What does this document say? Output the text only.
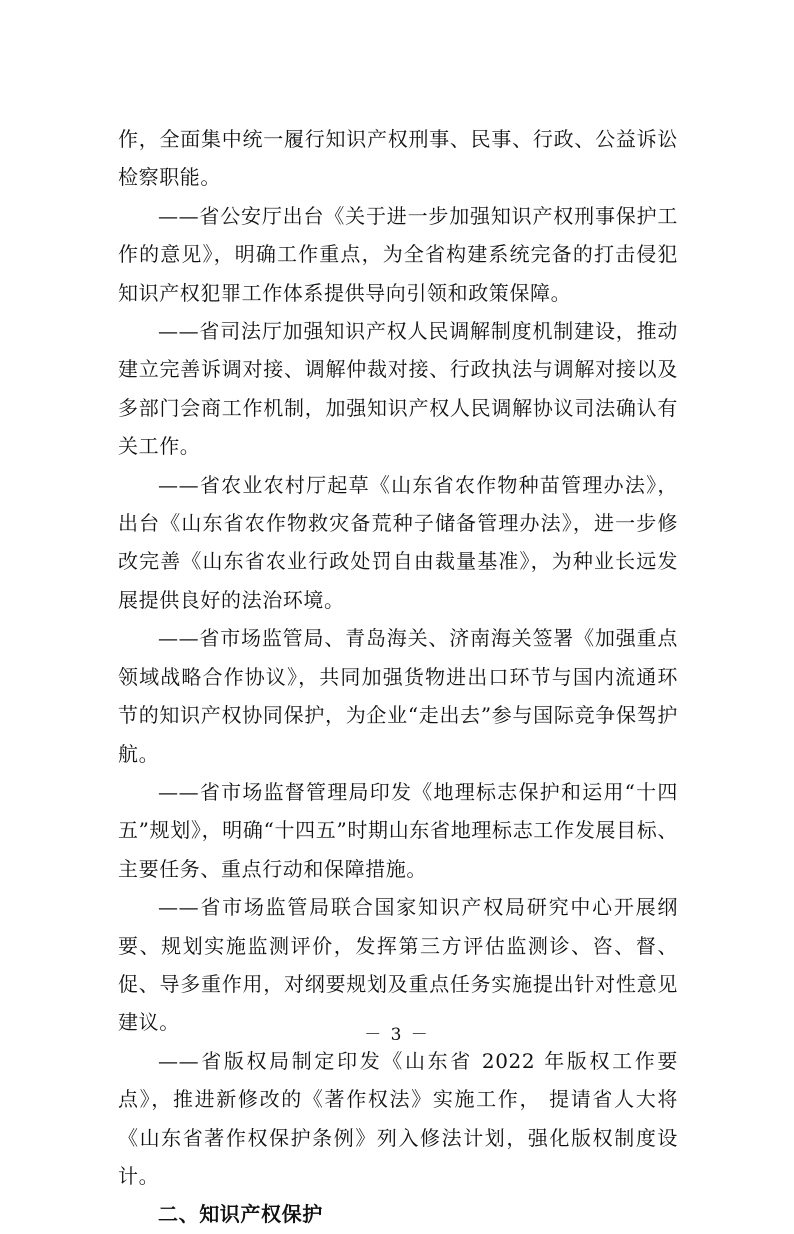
作，全面集中统一履行知识产权刑事、民事、行政、公益诉讼检察职能。

——省公安厅出台《关于进一步加强知识产权刑事保护工作的意见》，明确工作重点，为全省构建系统完备的打击侵犯知识产权犯罪工作体系提供导向引领和政策保障。

——省司法厅加强知识产权人民调解制度机制建设，推动建立完善诉调对接、调解仲裁对接、行政执法与调解对接以及多部门会商工作机制，加强知识产权人民调解协议司法确认有关工作。

——省农业农村厅起草《山东省农作物种苗管理办法》，出台《山东省农作物救灾备荒种子储备管理办法》，进一步修改完善《山东省农业行政处罚自由裁量基准》，为种业长远发展提供良好的法治环境。

——省市场监管局、青岛海关、济南海关签署《加强重点领域战略合作协议》，共同加强货物进出口环节与国内流通环节的知识产权协同保护，为企业“走出去”参与国际竞争保驾护航。

——省市场监督管理局印发《地理标志保护和运用“十四五”规划》，明确“十四五”时期山东省地理标志工作发展目标、主要任务、重点行动和保障措施。

——省市场监管局联合国家知识产权局研究中心开展纲要、规划实施监测评价，发挥第三方评估监测诊、咨、督、促、导多重作用，对纲要规划及重点任务实施提出针对性意见建议。

——省版权局制定印发《山东省 2022 年版权工作要点》，推进新修改的《著作权法》实施工作， 提请省人大将《山东省著作权保护条例》列入修法计划，强化版权制度设计。

二、知识产权保护

－ 3 －
